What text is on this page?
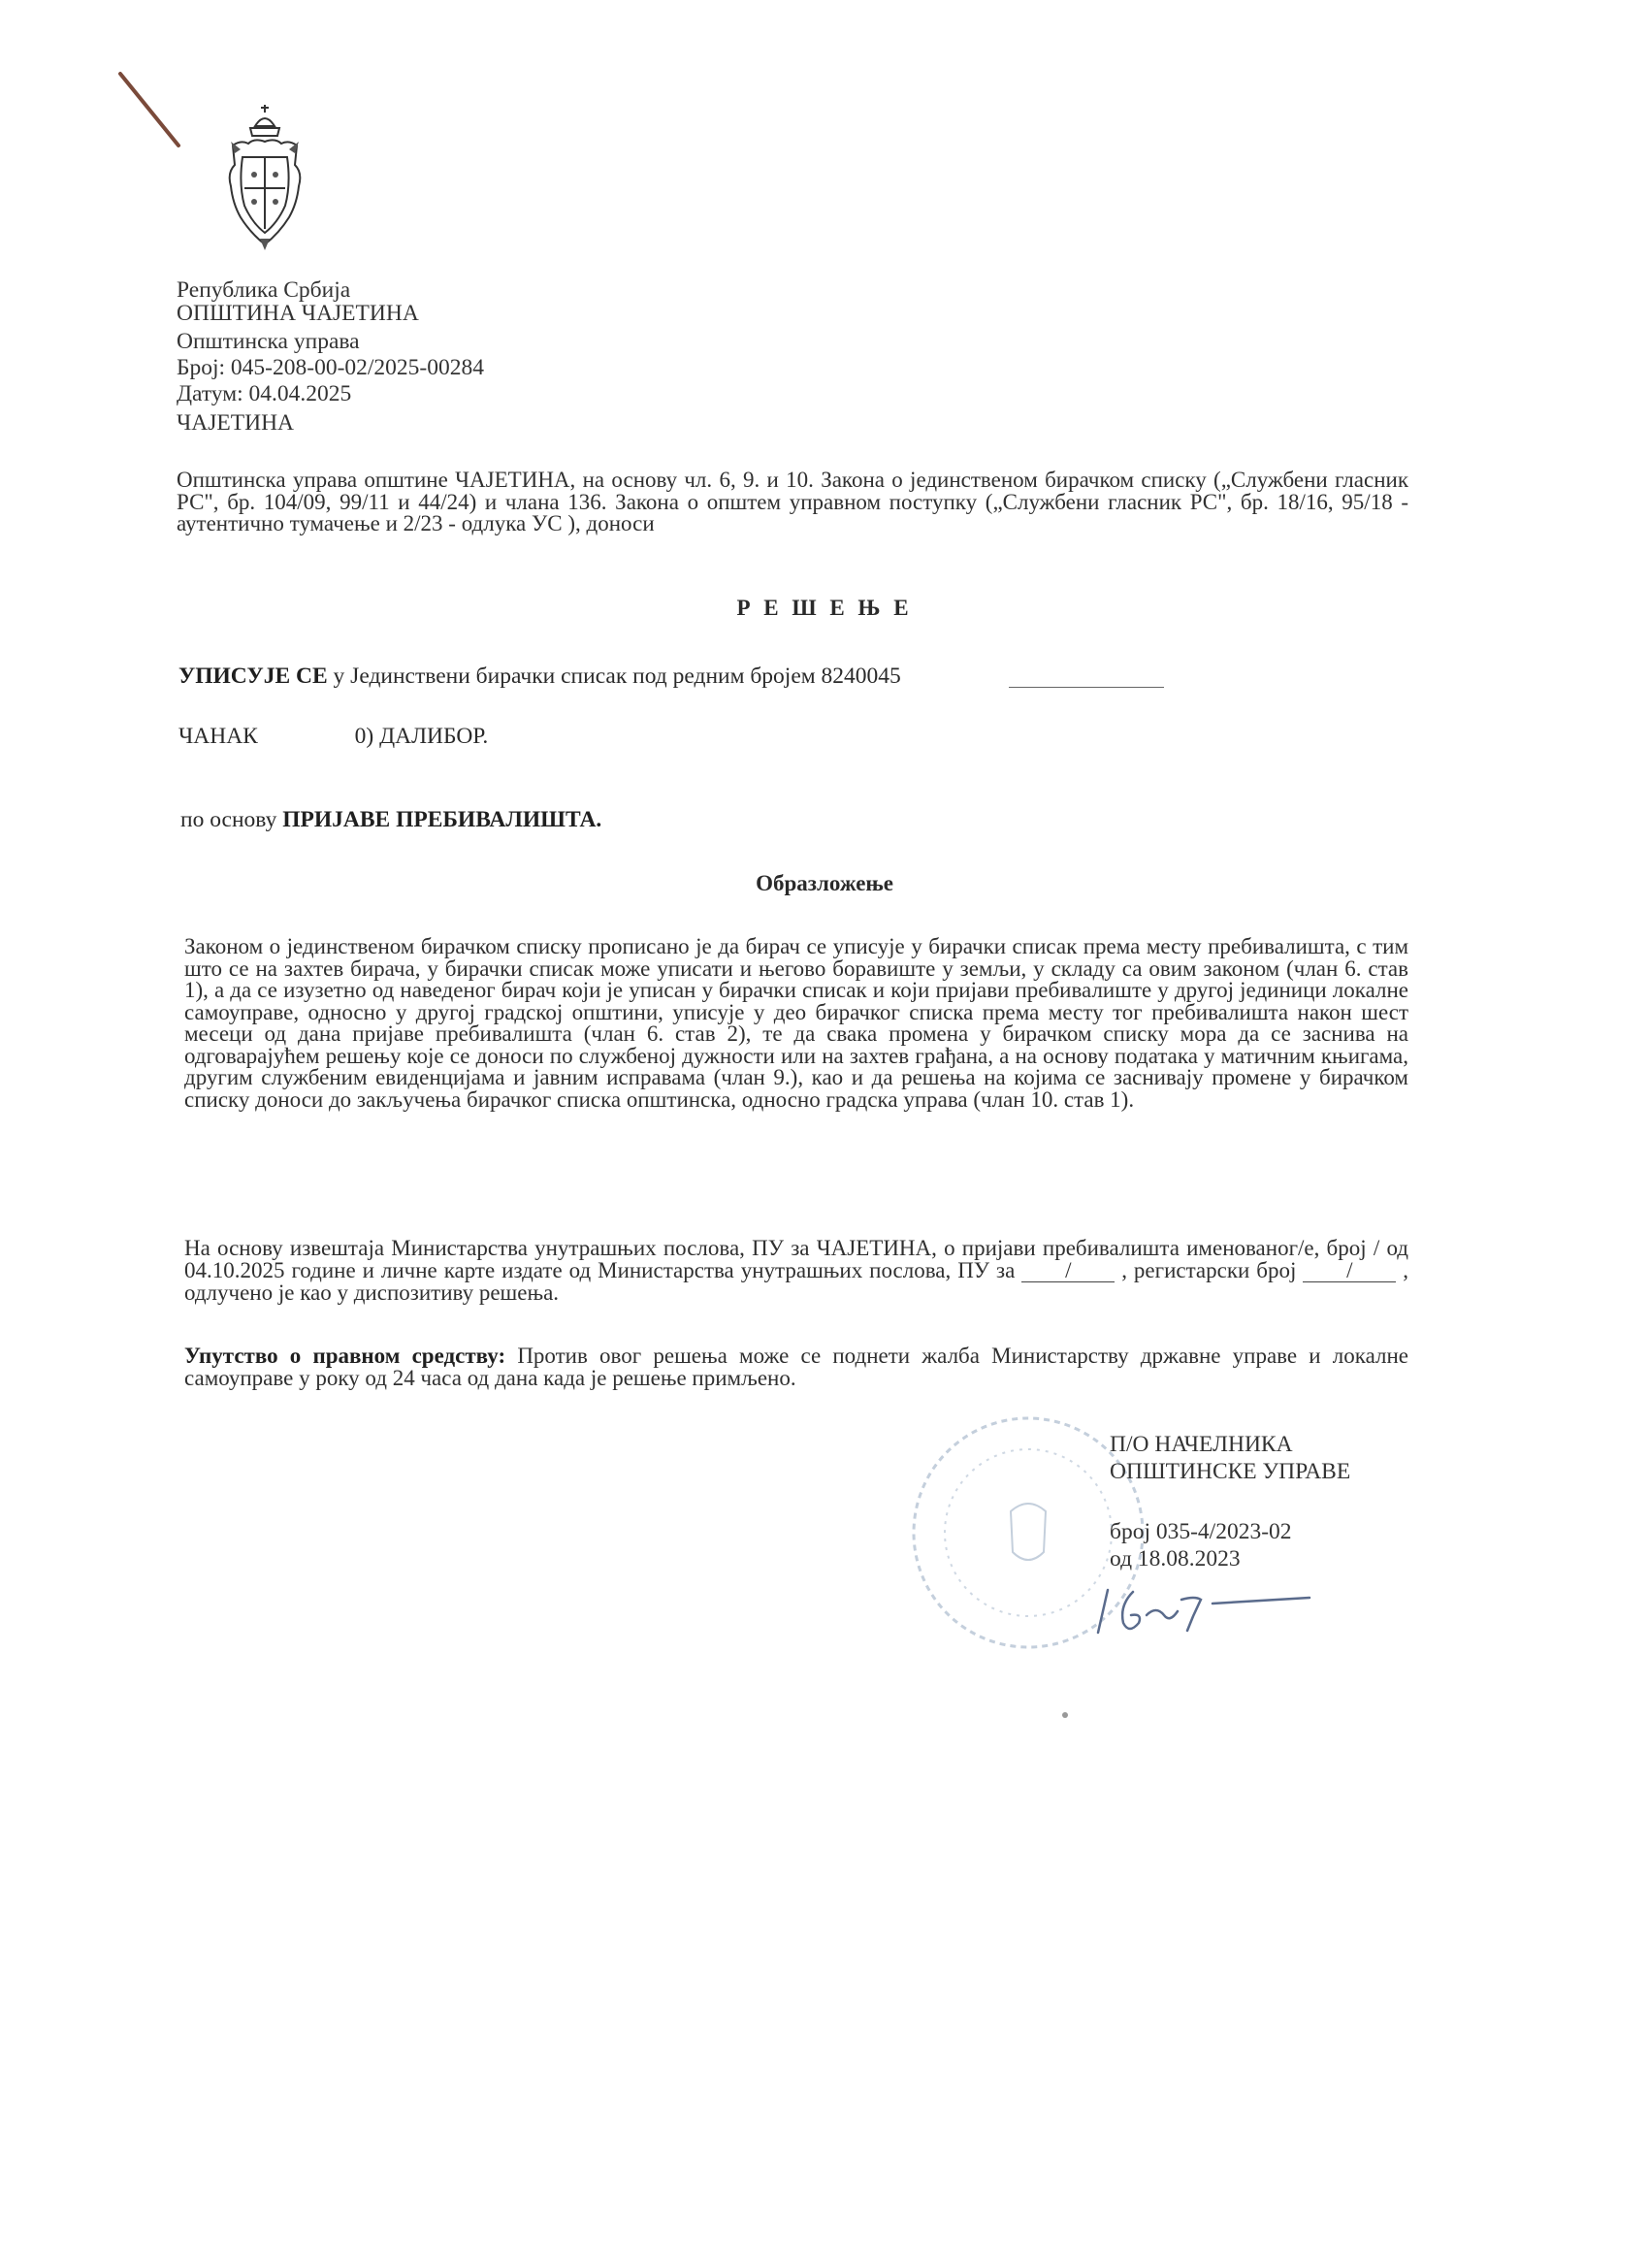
Република Србија
ОПШТИНА ЧАЈЕТИНА
Општинска управа
Број: 045-208-00-02/2025-00284
Датум: 04.04.2025
ЧАЈЕТИНА
Општинска управа општине ЧАЈЕТИНА, на основу чл. 6, 9. и 10. Закона о јединственом бирачком списку („Службени гласник РС", бр. 104/09, 99/11 и 44/24) и члана 136. Закона о општем управном поступку („Службени гласник РС", бр. 18/16, 95/18 - аутентично тумачење и 2/23 - одлука УС ), доноси
Р Е Ш Е Њ Е
УПИСУЈЕ СЕ у Јединствени бирачки списак под редним бројем 8240045
ЧАНАК	0) ДАЛИБОР.
по основу ПРИЈАВЕ ПРЕБИВАЛИШТА.
Образложење
Законом о јединственом бирачком списку прописано је да бирач се уписује у бирачки списак према месту пребивалишта, с тим што се на захтев бирача, у бирачки списак може уписати и његово боравиште у земљи, у складу са овим законом (члан 6. став 1), а да се изузетно од наведеног бирач који је уписан у бирачки списак и који пријави пребивалиште у другој јединици локалне самоуправе, односно у другој градској општини, уписује у део бирачког списка према месту тог пребивалишта након шест месеци од дана пријаве пребивалишта (члан 6. став 2), те да свака промена у бирачком списку мора да се заснива на одговарајућем решењу које се доноси по службеној дужности или на захтев грађана, а на основу података у матичним књигама, другим службеним евиденцијама и јавним исправама (члан 9.), као и да решења на којима се заснивају промене у бирачком списку доноси до закључења бирачког списка општинска, односно градска управа (члан 10. став 1).
На основу извештаја Министарства унутрашњих послова, ПУ за ЧАЈЕТИНА, о пријави пребивалишта именованог/е, број / од 04.10.2025 године и личне карте издате од Министарства унутрашњих послова, ПУ за / , регистарски број / , одлучено је као у диспозитиву решења.
Упутство о правном средству: Против овог решења може се поднети жалба Министарству државне управе и локалне самоуправе у року од 24 часа од дана када је решење примљено.
П/О НАЧЕЛНИКА
ОПШТИНСКЕ УПРАВЕ
број 035-4/2023-02
од 18.08.2023
